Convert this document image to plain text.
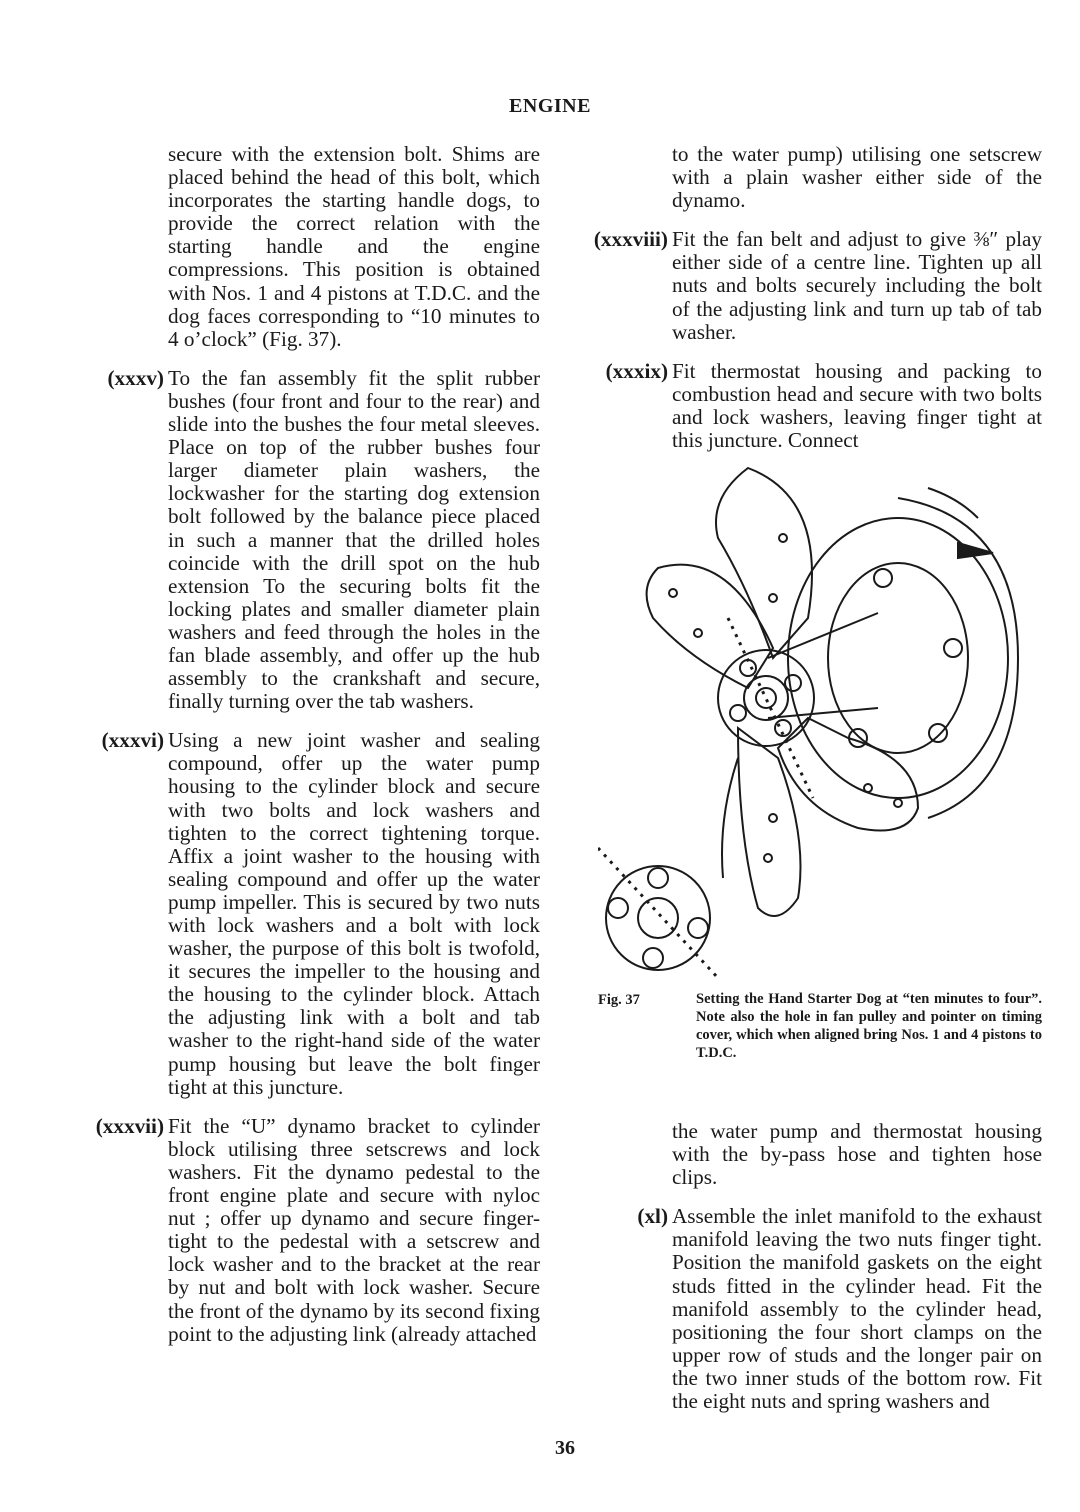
ENGINE
secure with the extension bolt. Shims are placed behind the head of this bolt, which incorporates the starting handle dogs, to provide the correct relation with the starting handle and the engine compressions. This position is obtained with Nos. 1 and 4 pistons at T.D.C. and the dog faces corresponding to “10 minutes to 4 o’clock” (Fig. 37).
(xxxv) To the fan assembly fit the split rubber bushes (four front and four to the rear) and slide into the bushes the four metal sleeves. Place on top of the rubber bushes four larger diameter plain washers, the lockwasher for the starting dog extension bolt followed by the balance piece placed in such a manner that the drilled holes coincide with the drill spot on the hub extension To the securing bolts fit the locking plates and smaller diameter plain washers and feed through the holes in the fan blade assembly, and offer up the hub assembly to the crankshaft and secure, finally turning over the tab washers.
(xxxvi) Using a new joint washer and sealing compound, offer up the water pump housing to the cylinder block and secure with two bolts and lock washers and tighten to the correct tightening torque. Affix a joint washer to the housing with sealing compound and offer up the water pump impeller. This is secured by two nuts with lock washers and a bolt with lock washer, the purpose of this bolt is twofold, it secures the impeller to the housing and the housing to the cylinder block. Attach the adjusting link with a bolt and tab washer to the right-hand side of the water pump housing but leave the bolt finger tight at this juncture.
(xxxvii) Fit the “U” dynamo bracket to cylinder block utilising three setscrews and lock washers. Fit the dynamo pedestal to the front engine plate and secure with nyloc nut ; offer up dynamo and secure finger-tight to the pedestal with a setscrew and lock washer and to the bracket at the rear by nut and bolt with lock washer. Secure the front of the dynamo by its second fixing point to the adjusting link (already attached
to the water pump) utilising one setscrew with a plain washer either side of the dynamo.
(xxxviii) Fit the fan belt and adjust to give ⅜″ play either side of a centre line. Tighten up all nuts and bolts securely including the bolt of the adjusting link and turn up tab of tab washer.
(xxxix) Fit thermostat housing and packing to combustion head and secure with two bolts and lock washers, leaving finger tight at this juncture. Connect
Fig. 37	Setting the Hand Starter Dog at “ten minutes to four”. Note also the hole in fan pulley and pointer on timing cover, which when aligned bring Nos. 1 and 4 pistons to T.D.C.
the water pump and thermostat housing with the by-pass hose and tighten hose clips.
(xl) Assemble the inlet manifold to the exhaust manifold leaving the two nuts finger tight. Position the manifold gaskets on the eight studs fitted in the cylinder head. Fit the manifold assembly to the cylinder head, positioning the four short clamps on the upper row of studs and the longer pair on the two inner studs of the bottom row. Fit the eight nuts and spring washers and
36
